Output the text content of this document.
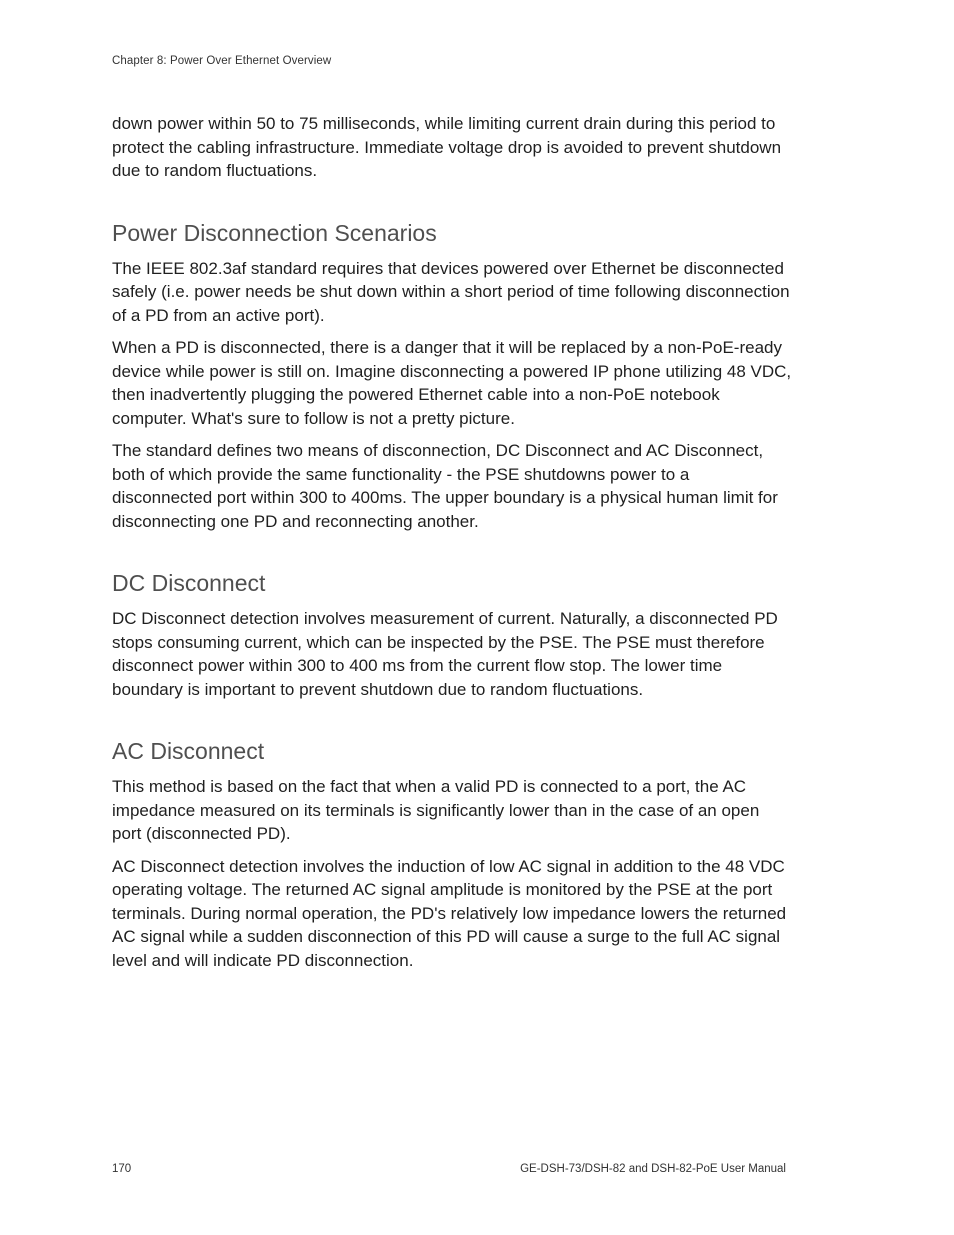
Chapter 8: Power Over Ethernet Overview

down power within 50 to 75 milliseconds, while limiting current drain during this period to protect the cabling infrastructure. Immediate voltage drop is avoided to prevent shutdown due to random fluctuations.

Power Disconnection Scenarios

The IEEE 802.3af standard requires that devices powered over Ethernet be disconnected safely (i.e. power needs be shut down within a short period of time following disconnection of a PD from an active port).

When a PD is disconnected, there is a danger that it will be replaced by a non-PoE-ready device while power is still on. Imagine disconnecting a powered IP phone utilizing 48 VDC, then inadvertently plugging the powered Ethernet cable into a non-PoE notebook computer. What's sure to follow is not a pretty picture.

The standard defines two means of disconnection, DC Disconnect and AC Disconnect, both of which provide the same functionality - the PSE shutdowns power to a disconnected port within 300 to 400ms. The upper boundary is a physical human limit for disconnecting one PD and reconnecting another.

DC Disconnect

DC Disconnect detection involves measurement of current. Naturally, a disconnected PD stops consuming current, which can be inspected by the PSE. The PSE must therefore disconnect power within 300 to 400 ms from the current flow stop. The lower time boundary is important to prevent shutdown due to random fluctuations.

AC Disconnect

This method is based on the fact that when a valid PD is connected to a port, the AC impedance measured on its terminals is significantly lower than in the case of an open port (disconnected PD).

AC Disconnect detection involves the induction of low AC signal in addition to the 48 VDC operating voltage. The returned AC signal amplitude is monitored by the PSE at the port terminals. During normal operation, the PD's relatively low impedance lowers the returned AC signal while a sudden disconnection of this PD will cause a surge to the full AC signal level and will indicate PD disconnection.

170	GE-DSH-73/DSH-82 and DSH-82-PoE User Manual
